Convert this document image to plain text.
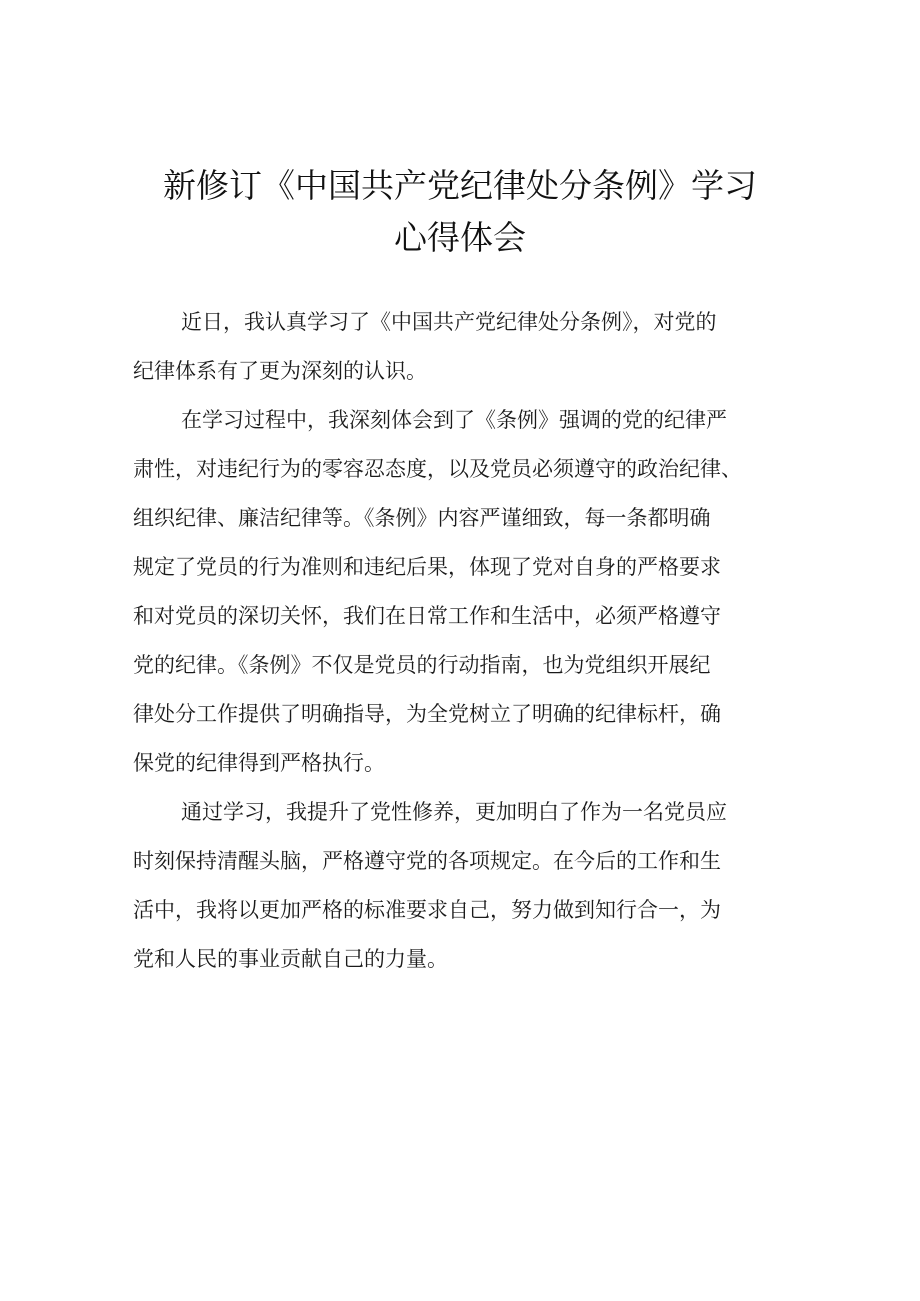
新修订《中国共产党纪律处分条例》学习
心得体会

近日，我认真学习了《中国共产党纪律处分条例》，对党的
纪律体系有了更为深刻的认识。

在学习过程中，我深刻体会到了《条例》强调的党的纪律严
肃性，对违纪行为的零容忍态度，以及党员必须遵守的政治纪律、
组织纪律、廉洁纪律等。《条例》内容严谨细致，每一条都明确
规定了党员的行为准则和违纪后果，体现了党对自身的严格要求
和对党员的深切关怀，我们在日常工作和生活中，必须严格遵守
党的纪律。《条例》不仅是党员的行动指南，也为党组织开展纪
律处分工作提供了明确指导，为全党树立了明确的纪律标杆，确
保党的纪律得到严格执行。

通过学习，我提升了党性修养，更加明白了作为一名党员应
时刻保持清醒头脑，严格遵守党的各项规定。在今后的工作和生
活中，我将以更加严格的标准要求自己，努力做到知行合一，为
党和人民的事业贡献自己的力量。
